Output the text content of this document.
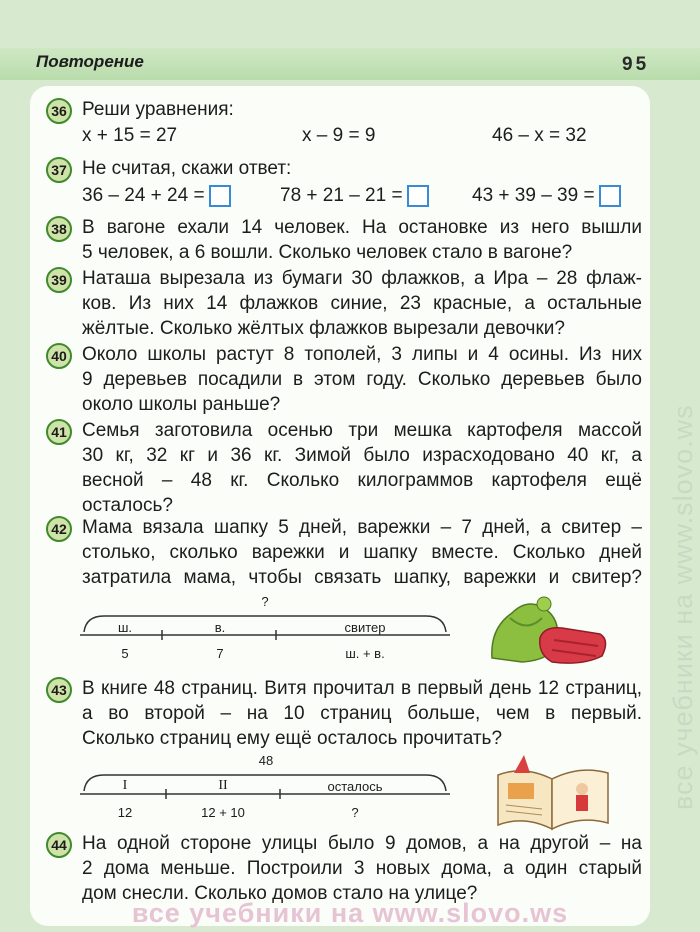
Повторение	95
все учебники на www.slovo.ws
36 Реши уравнения:
x + 15 = 27	x – 9 = 9	46 – x = 32
37 Не считая, скажи ответ:
36 – 24 + 24 =	78 + 21 – 21 =	43 + 39 – 39 =
38 В вагоне ехали 14 человек. На остановке из него вышли
5 человек, а 6 вошли. Сколько человек стало в вагоне?
39 Наташа вырезала из бумаги 30 флажков, а Ира – 28 флаж-
ков. Из них 14 флажков синие, 23 красные, а остальные
жёлтые. Сколько жёлтых флажков вырезали девочки?
40 Около школы растут 8 тополей, 3 липы и 4 осины. Из них
9 деревьев посадили в этом году. Сколько деревьев было
около школы раньше?
41 Семья заготовила осенью три мешка картофеля массой
30 кг, 32 кг и 36 кг. Зимой было израсходовано 40 кг, а
весной – 48 кг. Сколько килограммов картофеля ещё
осталось?
42 Мама вязала шапку 5 дней, варежки – 7 дней, а свитер –
столько, сколько варежки и шапку вместе. Сколько дней
затратила мама, чтобы связать шапку, варежки и свитер?
?
ш.	в.	свитер
5	7	ш. + в.
43 В книге 48 страниц. Витя прочитал в первый день 12 страниц,
а во второй – на 10 страниц больше, чем в первый.
Сколько страниц ему ещё осталось прочитать?
48
I	II	осталось
12	12 + 10	?
44 На одной стороне улицы было 9 домов, а на другой – на
2 дома меньше. Построили 3 новых дома, а один старый
дом снесли. Сколько домов стало на улице?
все учебники на www.slovo.ws
